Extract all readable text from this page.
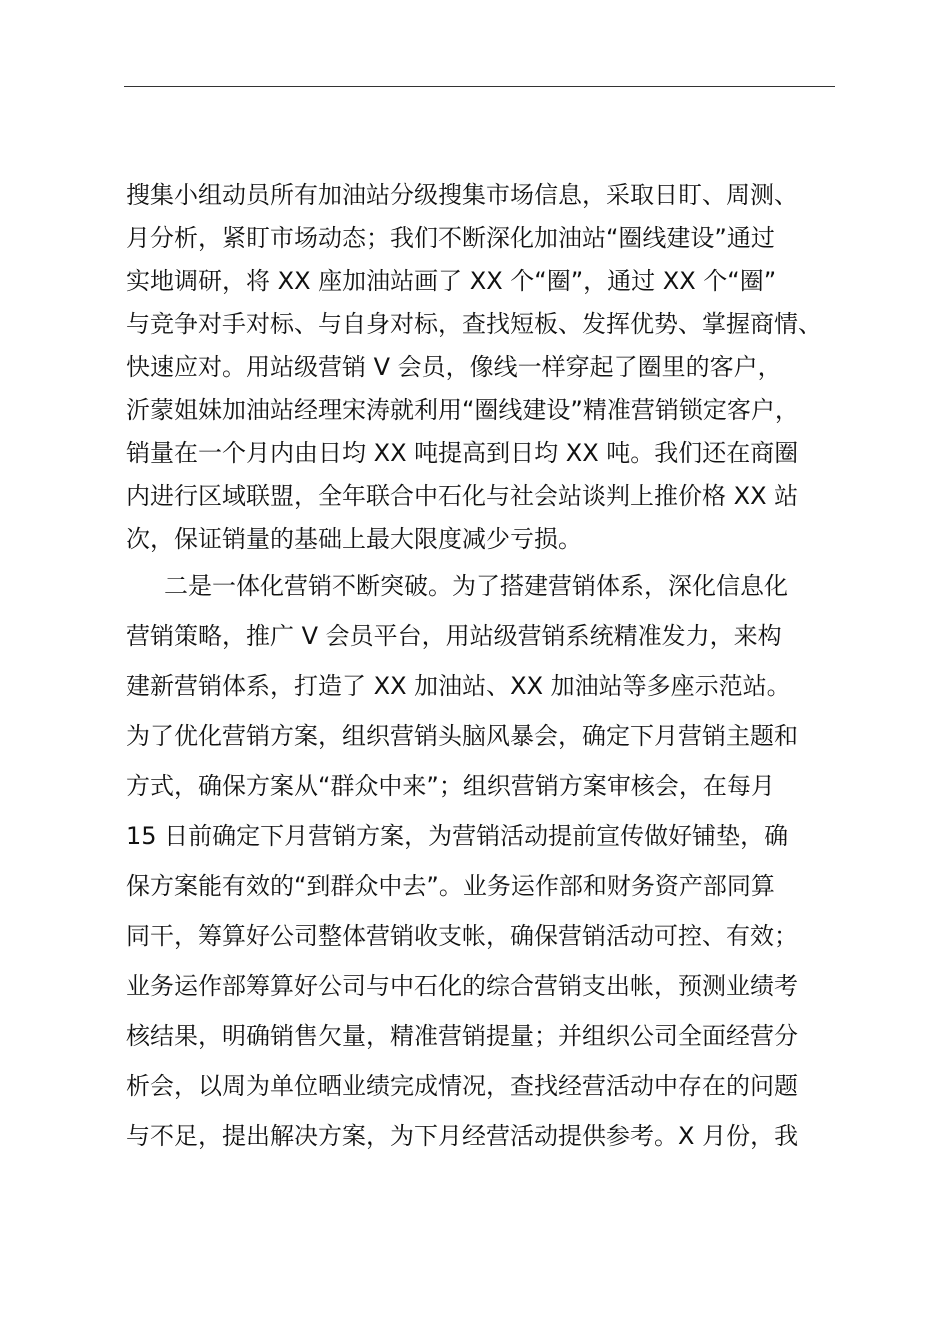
搜集小组动员所有加油站分级搜集市场信息，采取日盯、周测、
月分析，紧盯市场动态；我们不断深化加油站“圈线建设”通过
实地调研，将 XX 座加油站画了 XX 个“圈”，通过 XX 个“圈”
与竞争对手对标、与自身对标，查找短板、发挥优势、掌握商情、
快速应对。用站级营销 V 会员，像线一样穿起了圈里的客户，
沂蒙姐妹加油站经理宋涛就利用“圈线建设”精准营销锁定客户，
销量在一个月内由日均 XX 吨提高到日均 XX 吨。我们还在商圈
内进行区域联盟，全年联合中石化与社会站谈判上推价格 XX 站
次，保证销量的基础上最大限度减少亏损。
二是一体化营销不断突破。为了搭建营销体系，深化信息化
营销策略，推广 V 会员平台，用站级营销系统精准发力，来构
建新营销体系，打造了 XX 加油站、XX 加油站等多座示范站。
为了优化营销方案，组织营销头脑风暴会，确定下月营销主题和
方式，确保方案从“群众中来”；组织营销方案审核会，在每月
15 日前确定下月营销方案，为营销活动提前宣传做好铺垫，确
保方案能有效的“到群众中去”。业务运作部和财务资产部同算
同干，筹算好公司整体营销收支帐，确保营销活动可控、有效；
业务运作部筹算好公司与中石化的综合营销支出帐，预测业绩考
核结果，明确销售欠量，精准营销提量；并组织公司全面经营分
析会，以周为单位晒业绩完成情况，查找经营活动中存在的问题
与不足，提出解决方案，为下月经营活动提供参考。X 月份，我
